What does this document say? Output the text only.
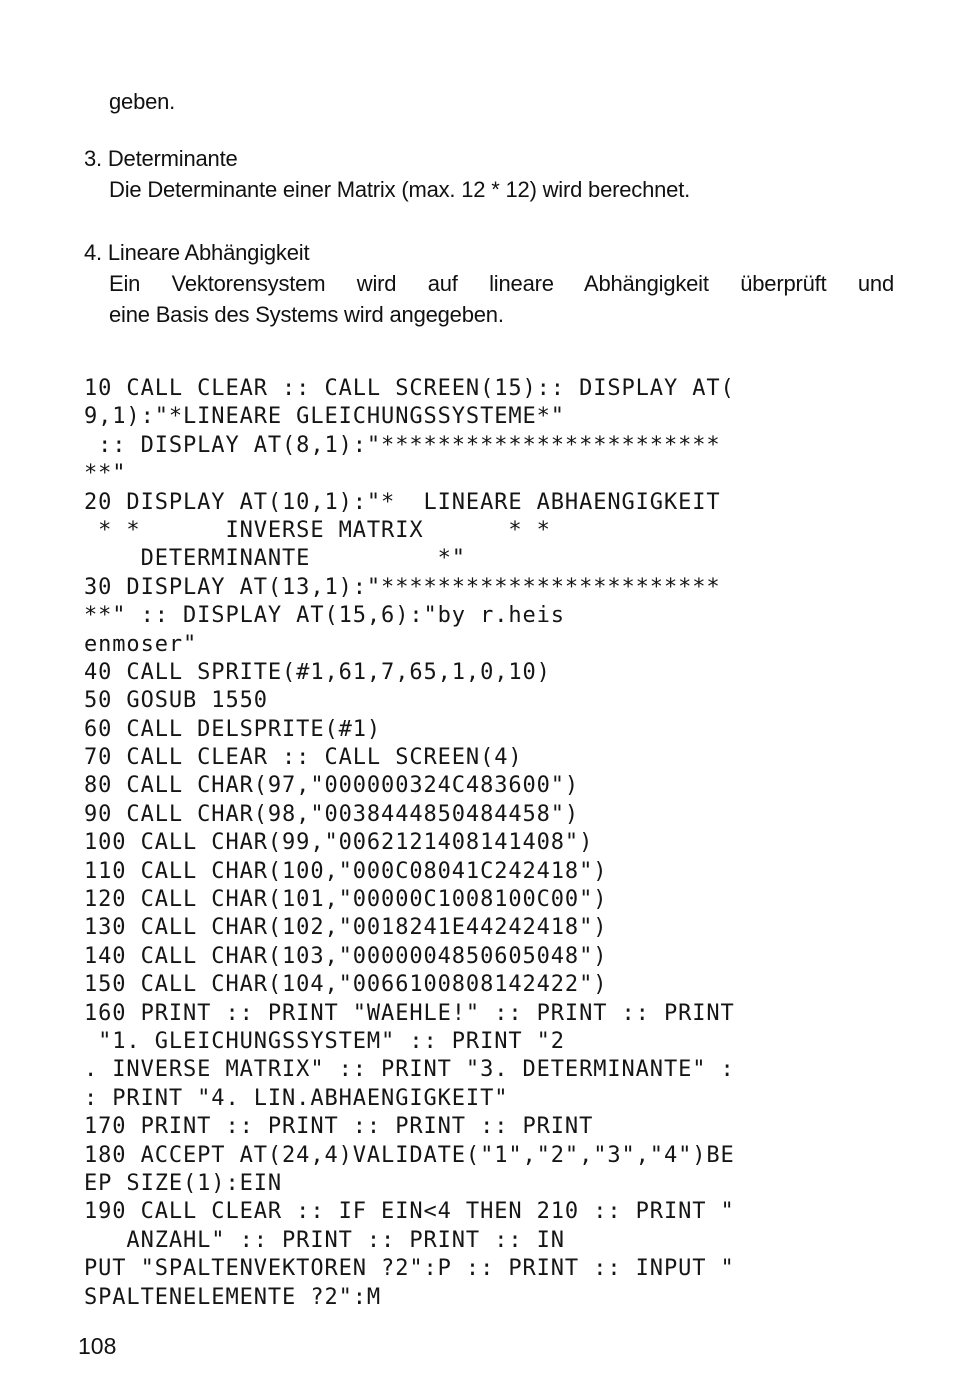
geben.

3. Determinante

Die Determinante einer Matrix (max. 12 * 12) wird berechnet.

4. Lineare Abhängigkeit

Ein Vektorensystem wird auf lineare Abhängigkeit überprüft und

eine Basis des Systems wird angegeben.

10 CALL CLEAR :: CALL SCREEN(15):: DISPLAY AT(
9,1):"*LINEARE GLEICHUNGSSYSTEME*"
:: DISPLAY AT(8,1):"************************
**"
20 DISPLAY AT(10,1):"*  LINEARE ABHAENGIGKEIT
* *      INVERSE MATRIX      * *
DETERMINANTE         *"
30 DISPLAY AT(13,1):"************************
**" :: DISPLAY AT(15,6):"by r.heis
enmoser"
40 CALL SPRITE(#1,61,7,65,1,0,10)
50 GOSUB 1550
60 CALL DELSPRITE(#1)
70 CALL CLEAR :: CALL SCREEN(4)
80 CALL CHAR(97,"000000324C483600")
90 CALL CHAR(98,"0038444850484458")
100 CALL CHAR(99,"0062121408141408")
110 CALL CHAR(100,"000C08041C242418")
120 CALL CHAR(101,"00000C1008100C00")
130 CALL CHAR(102,"0018241E44242418")
140 CALL CHAR(103,"0000004850605048")
150 CALL CHAR(104,"0066100808142422")
160 PRINT :: PRINT "WAEHLE!" :: PRINT :: PRINT
"1. GLEICHUNGSSYSTEM" :: PRINT "2
. INVERSE MATRIX" :: PRINT "3. DETERMINANTE" :
: PRINT "4. LIN.ABHAENGIGKEIT"
170 PRINT :: PRINT :: PRINT :: PRINT
180 ACCEPT AT(24,4)VALIDATE("1","2","3","4")BE
EP SIZE(1):EIN
190 CALL CLEAR :: IF EIN<4 THEN 210 :: PRINT "
ANZAHL" :: PRINT :: PRINT :: IN
PUT "SPALTENVEKTOREN ?2":P :: PRINT :: INPUT "
SPALTENELEMENTE ?2":M
108
